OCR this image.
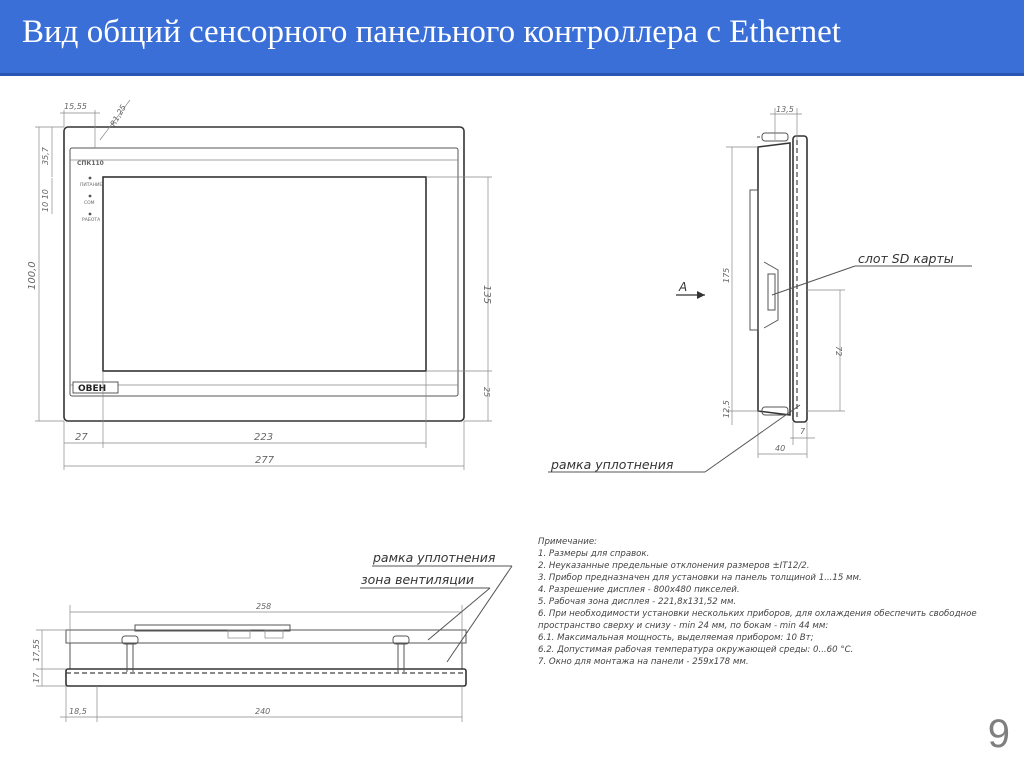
Вид общий сенсорного панельного контроллера с Ethernet
СПК110
ПИТАНИЕ
СОМ
РАБОТА
ОВЕН
15,55	R1,25
100,0
35,7
10 10
135
25
27	223
277
13,5
A
175
12,5
72
7
40
слот SD карты
рамка уплотнения
258
17,55
17
18,5	240
рамка уплотнения
зона вентиляции
Примечание:
1. Размеры для справок.
2. Неуказанные предельные отклонения размеров ±IT12/2.
3. Прибор предназначен для установки на панель толщиной 1...15 мм.
4. Разрешение дисплея - 800х480 пикселей.
5. Рабочая зона дисплея - 221,8х131,52 мм.
6. При необходимости установки нескольких приборов, для охлаждения обеспечить свободное
пространство сверху и снизу - min 24 мм, по бокам - min 44 мм:
6.1. Максимальная мощность, выделяемая прибором: 10 Вт;
6.2. Допустимая рабочая температура окружающей среды: 0...60 °С.
7. Окно для монтажа на панели - 259х178 мм.
9
